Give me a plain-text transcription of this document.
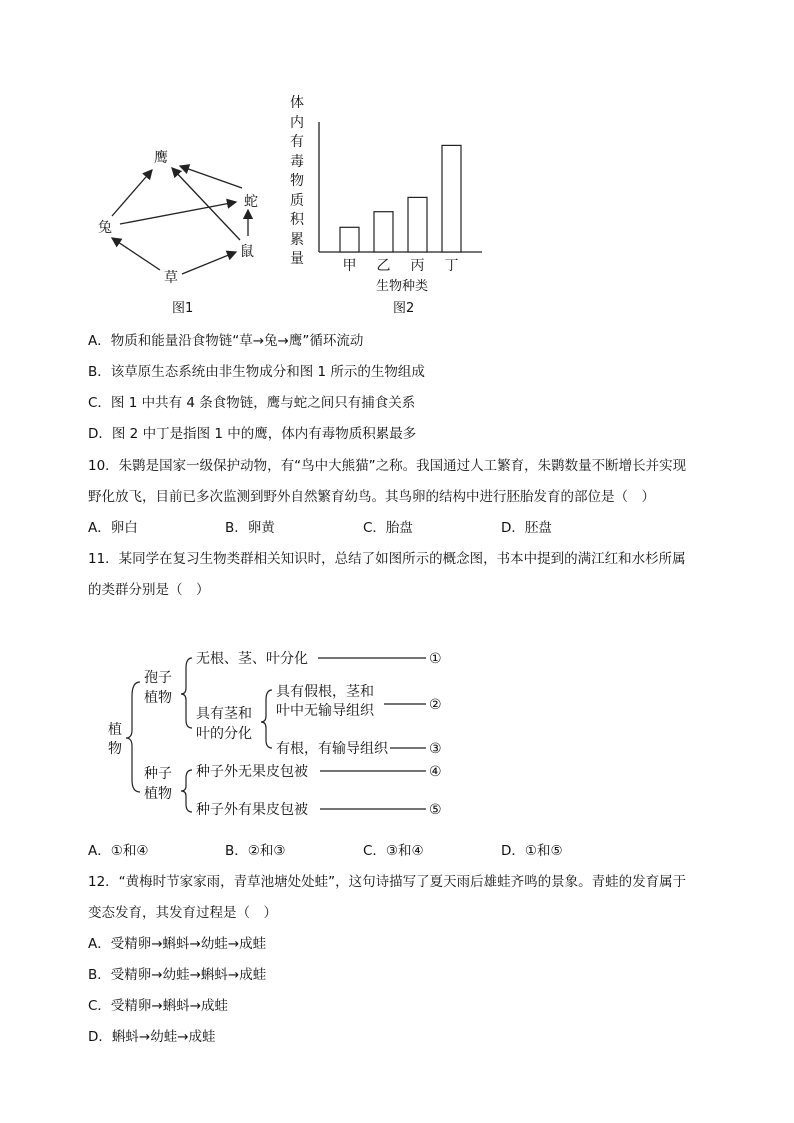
鹰
蛇
兔
鼠
草
图1
体内有毒物质积累量	甲 乙 丙 丁
生物种类
图2
A．物质和能量沿食物链“草→兔→鹰”循环流动
B．该草原生态系统由非生物成分和图 1 所示的生物组成
C．图 1 中共有 4 条食物链，鹰与蛇之间只有捕食关系
D．图 2 中丁是指图 1 中的鹰，体内有毒物质积累最多
10．朱鹮是国家一级保护动物，有“鸟中大熊猫”之称。我国通过人工繁育，朱鹮数量不断增长并实现
野化放飞，目前已多次监测到野外自然繁育幼鸟。其鸟卵的结构中进行胚胎发育的部位是（　）
A．卵白	B．卵黄	C．胎盘	D．胚盘
11．某同学在复习生物类群相关知识时，总结了如图所示的概念图，书本中提到的满江红和水杉所属
的类群分别是（　）
植
物
孢子
植物
无根、茎、叶分化	①
具有茎和
叶的分化
具有假根，茎和
叶中无输导组织	②
有根，有输导组织	③
种子
植物
种子外无果皮包被	④
种子外有果皮包被	⑤
A．①和④	B．②和③	C．③和④	D．①和⑤
12．“黄梅时节家家雨，青草池塘处处蛙”，这句诗描写了夏天雨后雄蛙齐鸣的景象。青蛙的发育属于
变态发育，其发育过程是（　）
A．受精卵→蝌蚪→幼蛙→成蛙
B．受精卵→幼蛙→蝌蚪→成蛙
C．受精卵→蝌蚪→成蛙
D．蝌蚪→幼蛙→成蛙
